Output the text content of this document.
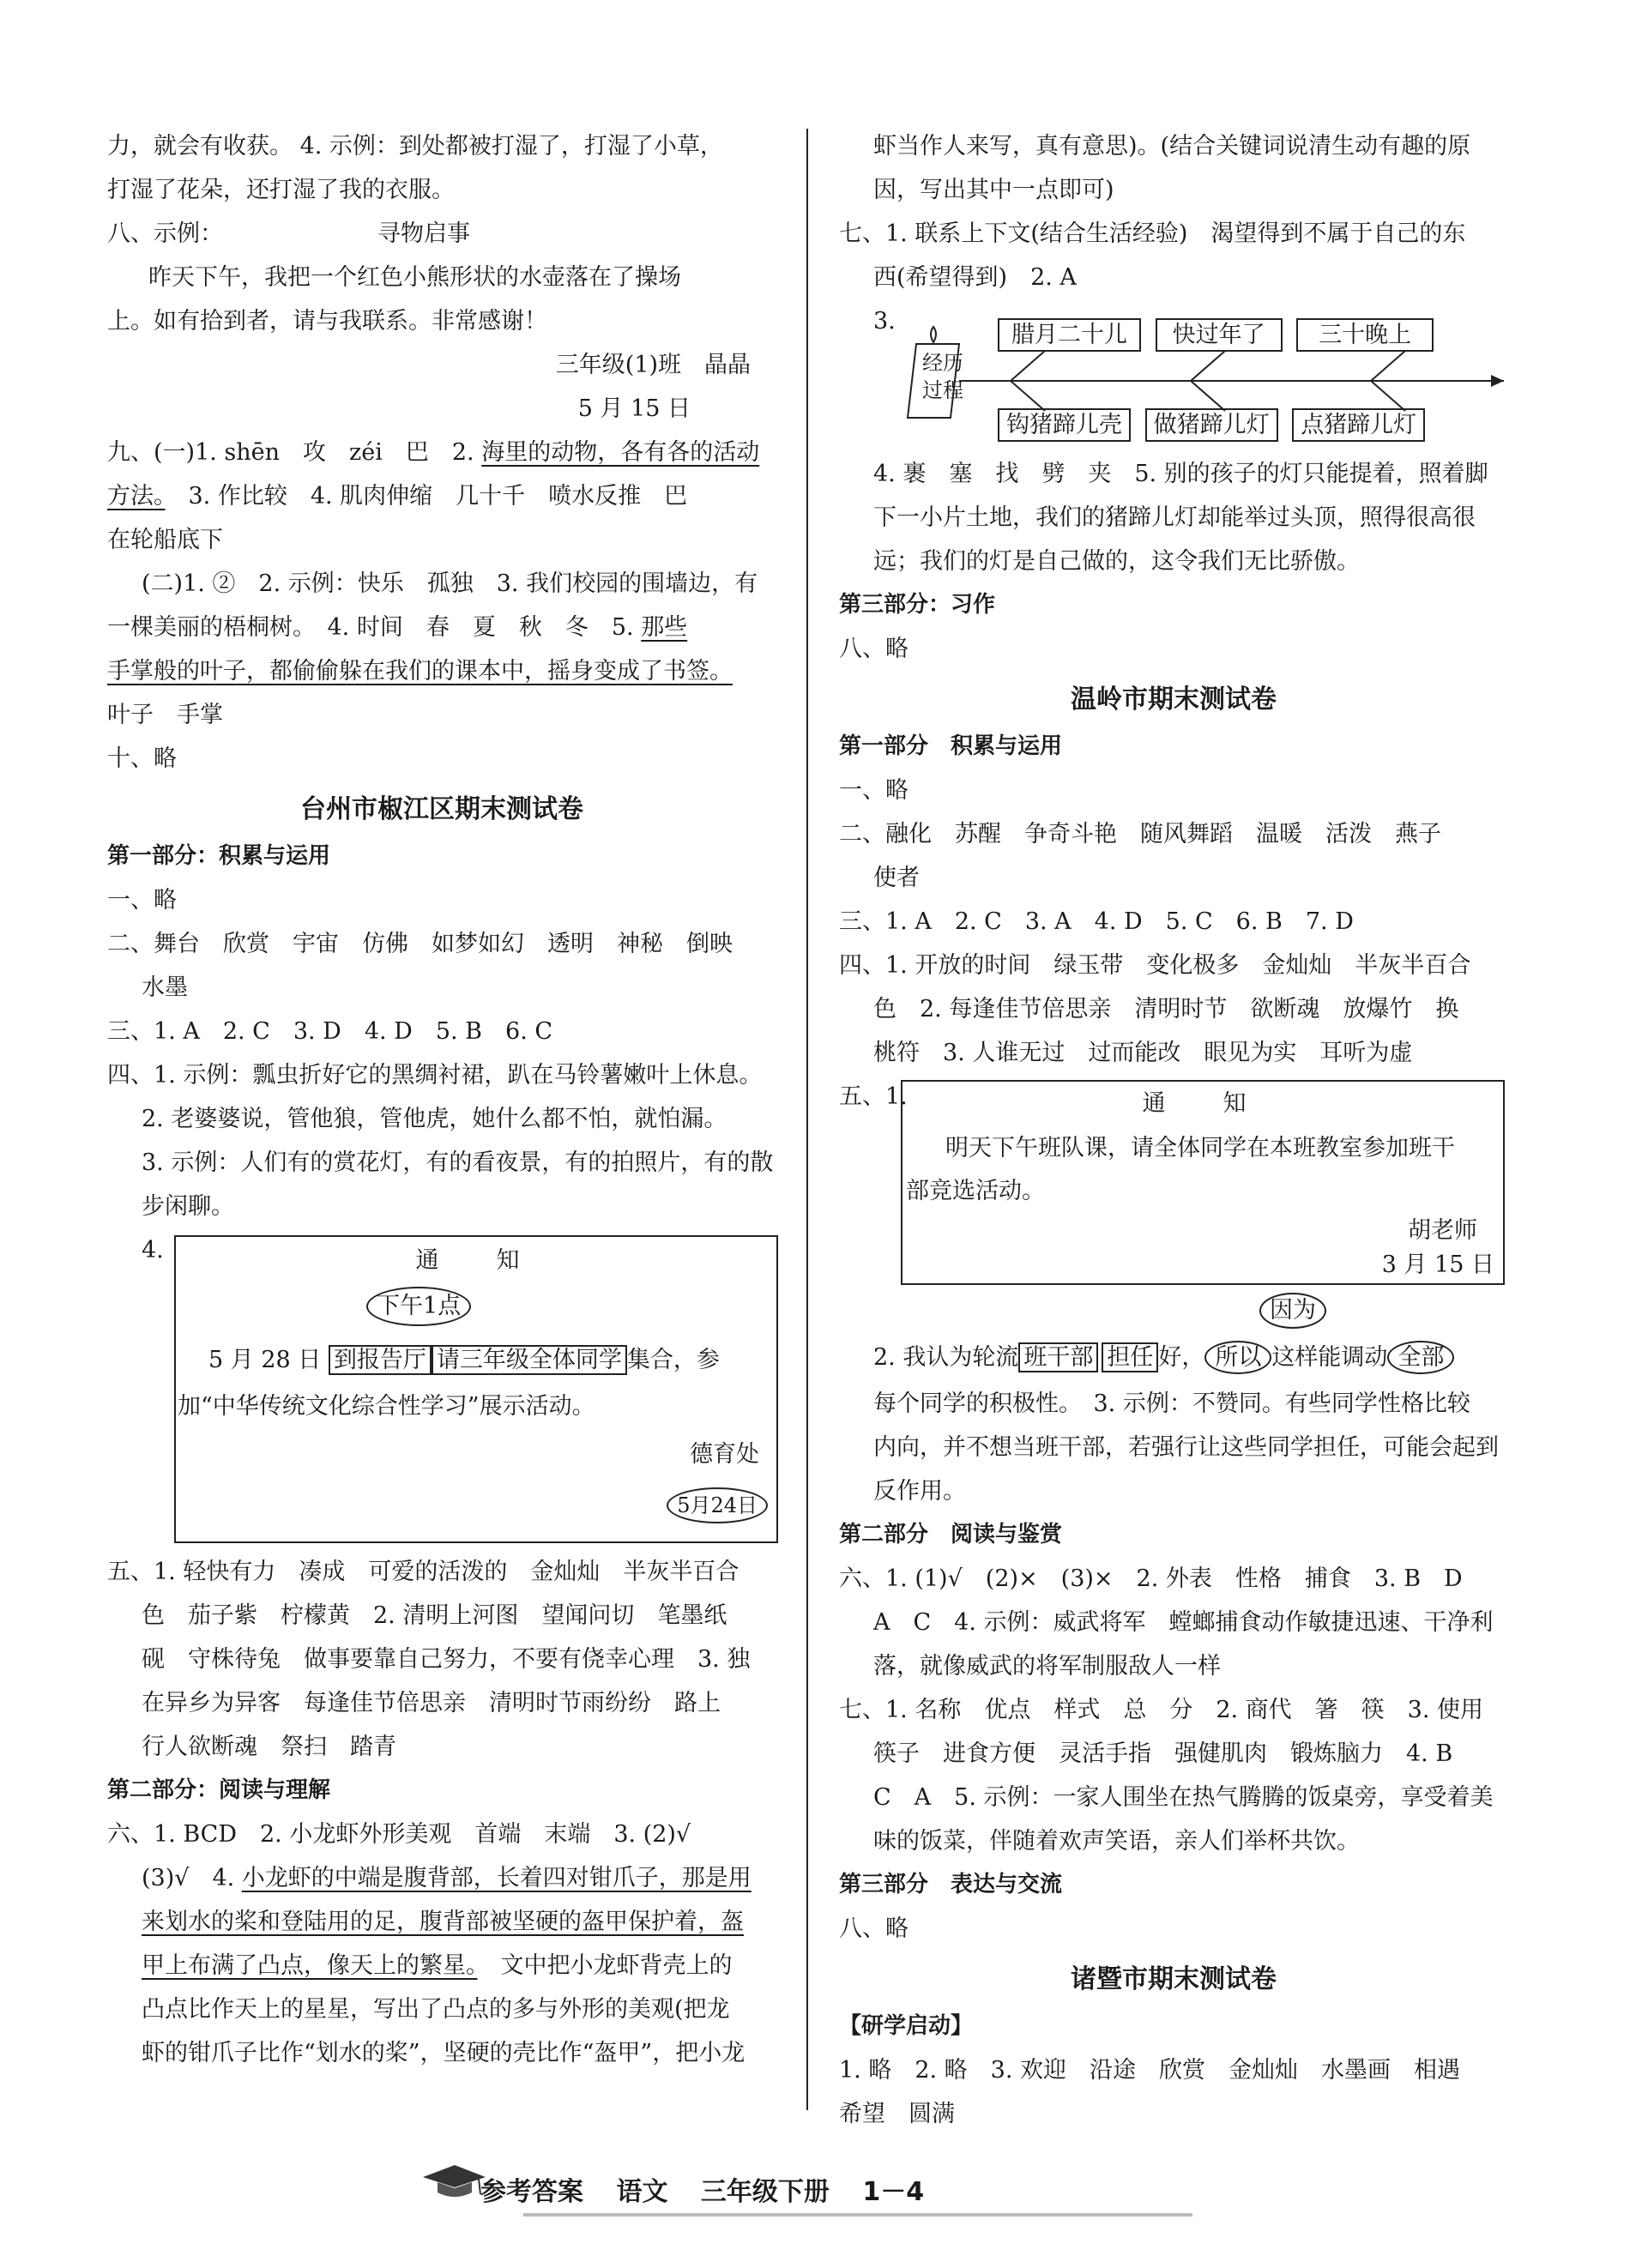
力，就会有收获。 4. 示例：到处都被打湿了，打湿了小草，
打湿了花朵，还打湿了我的衣服。
八、示例：	寻物启事
昨天下午，我把一个红色小熊形状的水壶落在了操场
上。如有拾到者，请与我联系。非常感谢！
三年级(1)班　晶晶
5 月 15 日
九、(一)1. shēn　攻　zéi　巴　2. 海里的动物，各有各的活动
方法。　3. 作比较　4. 肌肉伸缩　几十千　喷水反推　巴
在轮船底下
(二)1. ②　2. 示例：快乐　孤独　3. 我们校园的围墙边，有
一棵美丽的梧桐树。　4. 时间　春　夏　秋　冬　5. 那些
手掌般的叶子，都偷偷躲在我们的课本中，摇身变成了书签。
叶子　手掌
十、略
台州市椒江区期末测试卷
第一部分：积累与运用
一、略
二、舞台　欣赏　宇宙　仿佛　如梦如幻　透明　神秘　倒映
水墨
三、1. A　2. C　3. D　4. D　5. B　6. C
四、1. 示例：瓢虫折好它的黑绸衬裙，趴在马铃薯嫩叶上休息。
2. 老婆婆说，管他狼，管他虎，她什么都不怕，就怕漏。
3. 示例：人们有的赏花灯，有的看夜景，有的拍照片，有的散
步闲聊。
4.	通　知
下午1点
5 月 28 日 到报告厅 请三年级全体同学 集合，参
加“中华传统文化综合性学习”展示活动。
德育处
5月24日
五、1. 轻快有力　凑成　可爱的活泼的　金灿灿　半灰半百合
色　茄子紫　柠檬黄　2. 清明上河图　望闻问切　笔墨纸
砚　守株待兔　做事要靠自己努力，不要有侥幸心理　3. 独
在异乡为异客　每逢佳节倍思亲　清明时节雨纷纷　路上
行人欲断魂　祭扫　踏青
第二部分：阅读与理解
六、1. BCD　2. 小龙虾外形美观　首端　末端　3. (2)√
(3)√　4. 小龙虾的中端是腹背部，长着四对钳爪子，那是用
来划水的桨和登陆用的足，腹背部被坚硬的盔甲保护着，盔
甲上布满了凸点，像天上的繁星。　文中把小龙虾背壳上的
凸点比作天上的星星，写出了凸点的多与外形的美观(把龙
虾的钳爪子比作“划水的桨”，坚硬的壳比作“盔甲”，把小龙
虾当作人来写，真有意思)。(结合关键词说清生动有趣的原
因，写出其中一点即可)
七、1. 联系上下文(结合生活经验)　渴望得到不属于自己的东
西(希望得到)　2. A
3.
经历过程
腊月二十儿 快过年了 三十晚上
钩猪蹄儿壳 做猪蹄儿灯 点猪蹄儿灯
4. 裹　塞　找　劈　夹　5. 别的孩子的灯只能提着，照着脚
下一小片土地，我们的猪蹄儿灯却能举过头顶，照得很高很
远；我们的灯是自己做的，这令我们无比骄傲。
第三部分：习作
八、略
温岭市期末测试卷
第一部分　积累与运用
一、略
二、融化　苏醒　争奇斗艳　随风舞蹈　温暖　活泼　燕子
使者
三、1. A　2. C　3. A　4. D　5. C　6. B　7. D
四、1. 开放的时间　绿玉带　变化极多　金灿灿　半灰半百合
色　2. 每逢佳节倍思亲　清明时节　欲断魂　放爆竹　换
桃符　3. 人谁无过　过而能改　眼见为实　耳听为虚
五、1.	通　知
明天下午班队课，请全体同学在本班教室参加班干
部竞选活动。
胡老师
3 月 15 日
因为
2. 我认为轮流 班干部 担任 好， 所以 这样能调动 全部
每个同学的积极性。　3. 示例：不赞同。有些同学性格比较
内向，并不想当班干部，若强行让这些同学担任，可能会起到
反作用。
第二部分　阅读与鉴赏
六、1. (1)√　(2)×　(3)×　2. 外表　性格　捕食　3. B　D
A　C　4. 示例：威武将军　螳螂捕食动作敏捷迅速、干净利
落，就像威武的将军制服敌人一样
七、1. 名称　优点　样式　总　分　2. 商代　箸　筷　3. 使用
筷子　进食方便　灵活手指　强健肌肉　锻炼脑力　4. B
C　A　5. 示例：一家人围坐在热气腾腾的饭桌旁，享受着美
味的饭菜，伴随着欢声笑语，亲人们举杯共饮。
第三部分　表达与交流
八、略
诸暨市期末测试卷
【研学启动】
1. 略　2. 略　3. 欢迎　沿途　欣赏　金灿灿　水墨画　相遇
希望　圆满
参考答案 语文 三年级下册 1－4
